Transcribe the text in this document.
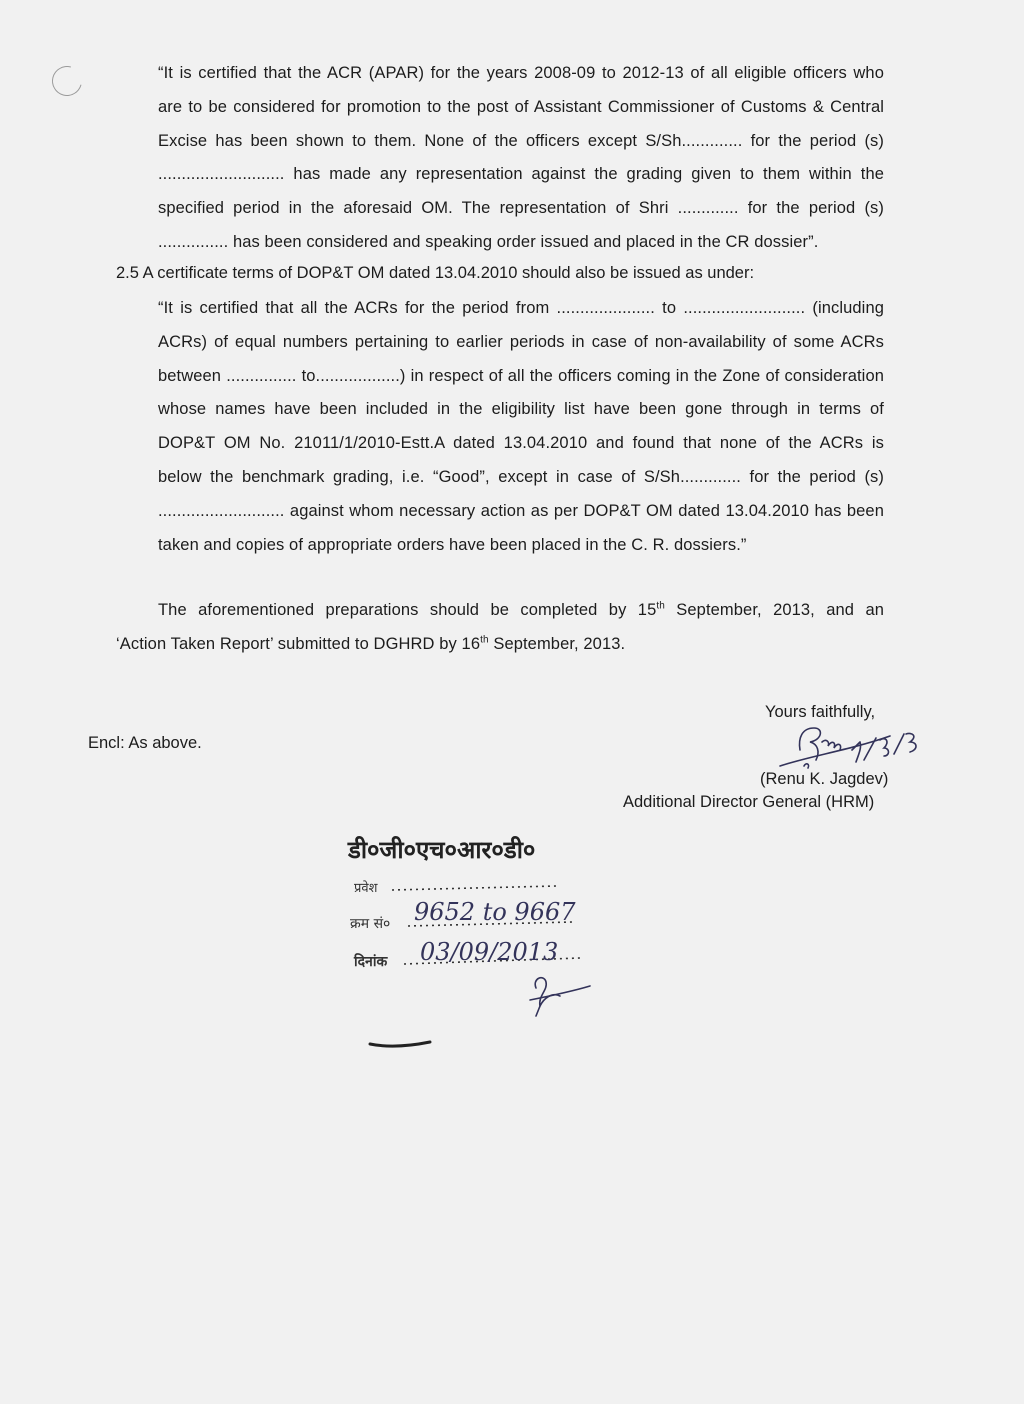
“It is certified that the ACR (APAR) for the years 2008-09 to 2012-13 of all eligible officers who
are to be considered for promotion to the post of Assistant Commissioner of Customs & Central
Excise has been shown to them. None of the officers except S/Sh............. for the period (s)
........................... has made any representation against the grading given to them within the
specified period in the aforesaid OM. The representation of Shri ............. for the period (s)
............... has been considered and speaking order issued and placed in the CR dossier”.
2.5 A certificate terms of DOP&T OM dated 13.04.2010 should also be issued as under:
“It is certified that all the ACRs for the period from ..................... to .......................... (including
ACRs) of equal numbers pertaining to earlier periods in case of non-availability of some ACRs
between ............... to..................) in respect of all the officers coming in the Zone of consideration
whose names have been included in the eligibility list have been gone through in terms of
DOP&T OM No. 21011/1/2010-Estt.A dated 13.04.2010 and found that none of the ACRs is
below the benchmark grading, i.e. “Good”, except in case of S/Sh............. for the period (s)
........................... against whom necessary action as per DOP&T OM dated 13.04.2010 has been
taken and copies of appropriate orders have been placed in the C. R. dossiers.”
The aforementioned preparations should be completed by 15th September, 2013, and an
‘Action Taken Report’ submitted to DGHRD by 16th September, 2013.
Yours faithfully,
Encl: As above.
(Renu K. Jagdev)
Additional Director General (HRM)
डी०जी०एच०आर०डी०
प्रवेश
क्रम सं० 9652 to 9667
दिनांक 03/09/2013
